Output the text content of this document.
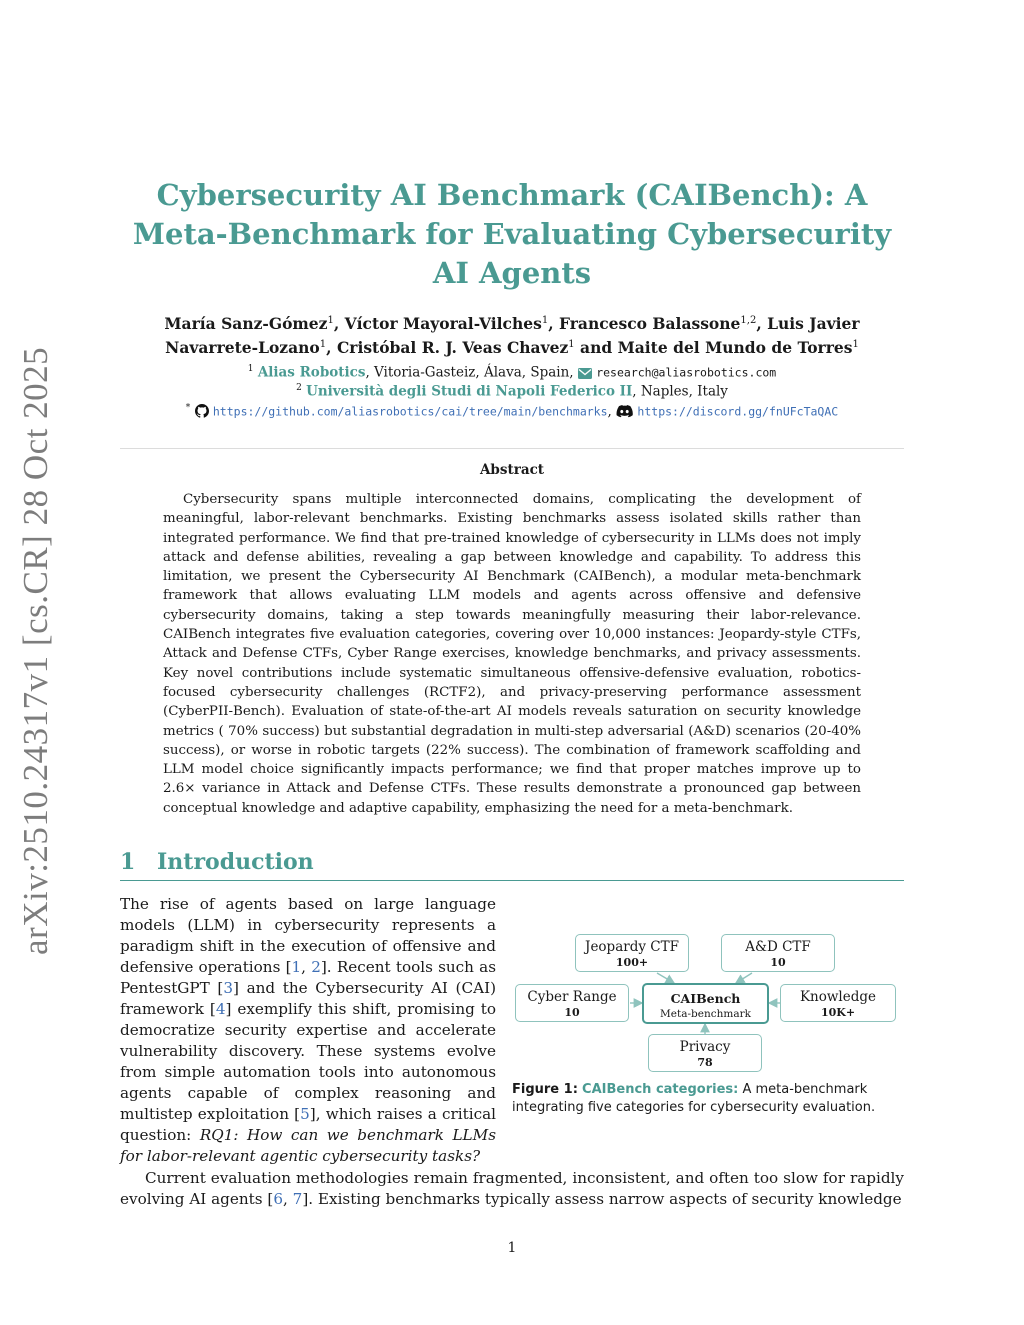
arXiv:2510.24317v1 [cs.CR] 28 Oct 2025
Cybersecurity AI Benchmark (CAIBench): A Meta-Benchmark for Evaluating Cybersecurity AI Agents
María Sanz-Gómez$^1$, Víctor Mayoral-Vilches$^1$, Francesco Balassone$^{1,2}$, Luis Javier Navarrete-Lozano$^1$, Cristóbal R. J. Veas Chavez$^1$ and Maite del Mundo de Torres$^1$
$^1$ Alias Robotics, Vitoria-Gasteiz, Álava, Spain,  research@aliasrobotics.com
$^2$ Università degli Studi di Napoli Federico II, Naples, Italy
* https://github.com/aliasrobotics/cai/tree/main/benchmarks,  https://discord.gg/fnUFcTaQAC
Abstract

Cybersecurity spans multiple interconnected domains, complicating the development of meaningful, labor-relevant benchmarks. Existing benchmarks assess isolated skills rather than integrated performance. We find that pre-trained knowledge of cybersecurity in LLMs does not imply attack and defense abilities, revealing a gap between knowledge and capability. To address this limitation, we present the Cybersecurity AI Benchmark (CAIBench), a modular meta-benchmark framework that allows evaluating LLM models and agents across offensive and defensive cybersecurity domains, taking a step towards meaningfully measuring their labor-relevance. CAIBench integrates five evaluation categories, covering over 10,000 instances: Jeopardy-style CTFs, Attack and Defense CTFs, Cyber Range exercises, knowledge benchmarks, and privacy assessments. Key novel contributions include systematic simultaneous offensive-defensive evaluation, robotics-focused cybersecurity challenges (RCTF2), and privacy-preserving performance assessment (CyberPII-Bench). Evaluation of state-of-the-art AI models reveals saturation on security knowledge metrics ( 70% success) but substantial degradation in multi-step adversarial (A&D) scenarios (20-40% success), or worse in robotic targets (22% success). The combination of framework scaffolding and LLM model choice significantly impacts performance; we find that proper matches improve up to 2.6× variance in Attack and Defense CTFs. These results demonstrate a pronounced gap between conceptual knowledge and adaptive capability, emphasizing the need for a meta-benchmark.

1 Introduction

The rise of agents based on large language models (LLM) in cybersecurity represents a paradigm shift in the execution of offensive and defensive operations [1, 2]. Recent tools such as PentestGPT [3] and the Cybersecurity AI (CAI) framework [4] exemplify this shift, promising to democratize security expertise and accelerate vulnerability discovery. These systems evolve from simple automation tools into autonomous agents capable of complex reasoning and multistep exploitation [5], which raises a critical question: RQ1: How can we benchmark LLMs for labor-relevant agentic cybersecurity tasks?

Jeopardy CTF
100+
A&D CTF
10
Cyber Range
10
CAIBench
Meta-benchmark
Knowledge
10K+
Privacy
78

Figure 1: CAIBench categories: A meta-benchmark integrating five categories for cybersecurity evaluation.

Current evaluation methodologies remain fragmented, inconsistent, and often too slow for rapidly evolving AI agents [6, 7]. Existing benchmarks typically assess narrow aspects of security knowledge

1
